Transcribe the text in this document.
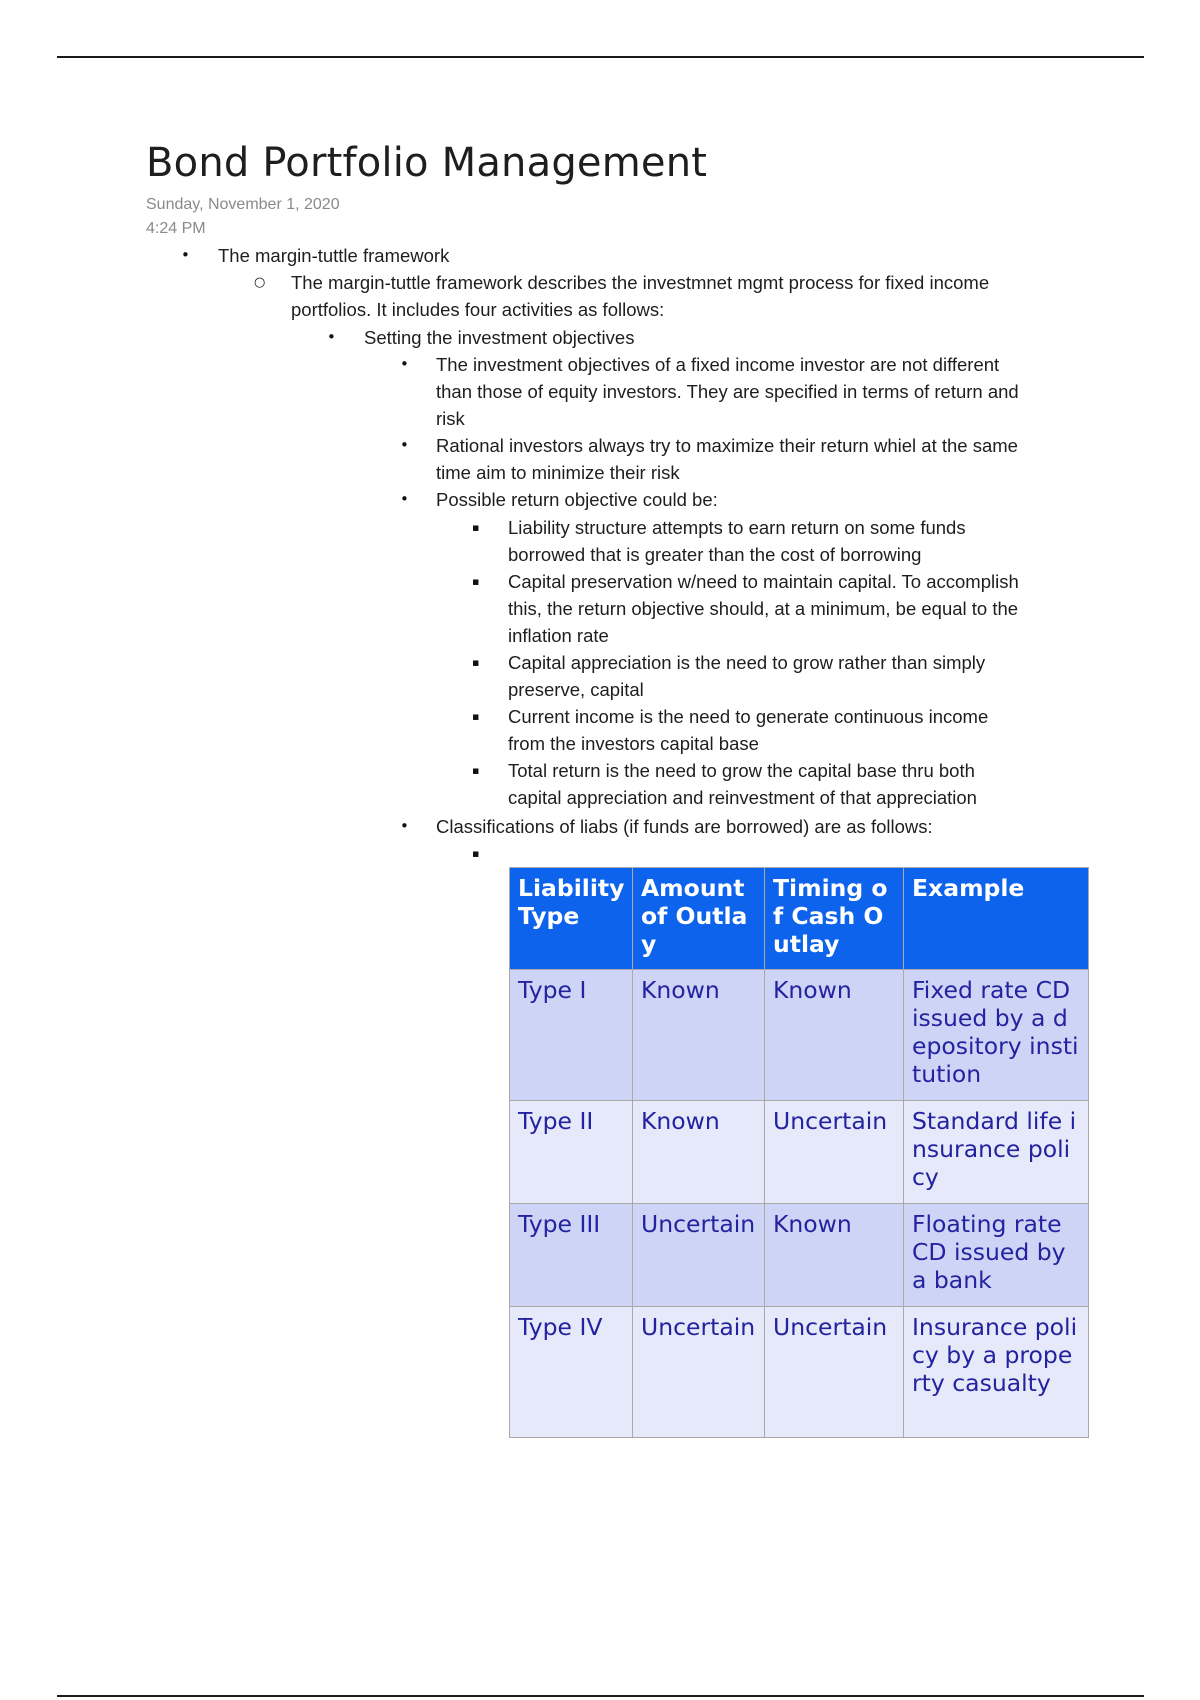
Bond Portfolio Management
Sunday, November 1, 2020
4:24 PM
• The margin-tuttle framework
○ The margin-tuttle framework describes the investmnet mgmt process for fixed income
portfolios. It includes four activities as follows:
• Setting the investment objectives
• The investment objectives of a fixed income investor are not different
than those of equity investors. They are specified in terms of return and
risk
• Rational investors always try to maximize their return whiel at the same
time aim to minimize their risk
• Possible return objective could be:
▪ Liability structure attempts to earn return on some funds
borrowed that is greater than the cost of borrowing
▪ Capital preservation w/need to maintain capital. To accomplish
this, the return objective should, at a minimum, be equal to the
inflation rate
▪ Capital appreciation is the need to grow rather than simply
preserve, capital
▪ Current income is the need to generate continuous income
from the investors capital base
▪ Total return is the need to grow the capital base thru both
capital appreciation and reinvestment of that appreciation
• Classifications of liabs (if funds are borrowed) are as follows:
▪
Liability Type	Amount of Outlay	Timing of Cash Outlay	Example
Type I	Known	Known	Fixed rate CD issued by a depository institution
Type II	Known	Uncertain	Standard life insurance policy
Type III	Uncertain	Known	Floating rate CD issued by a bank
Type IV	Uncertain	Uncertain	Insurance policy by a property casualty
